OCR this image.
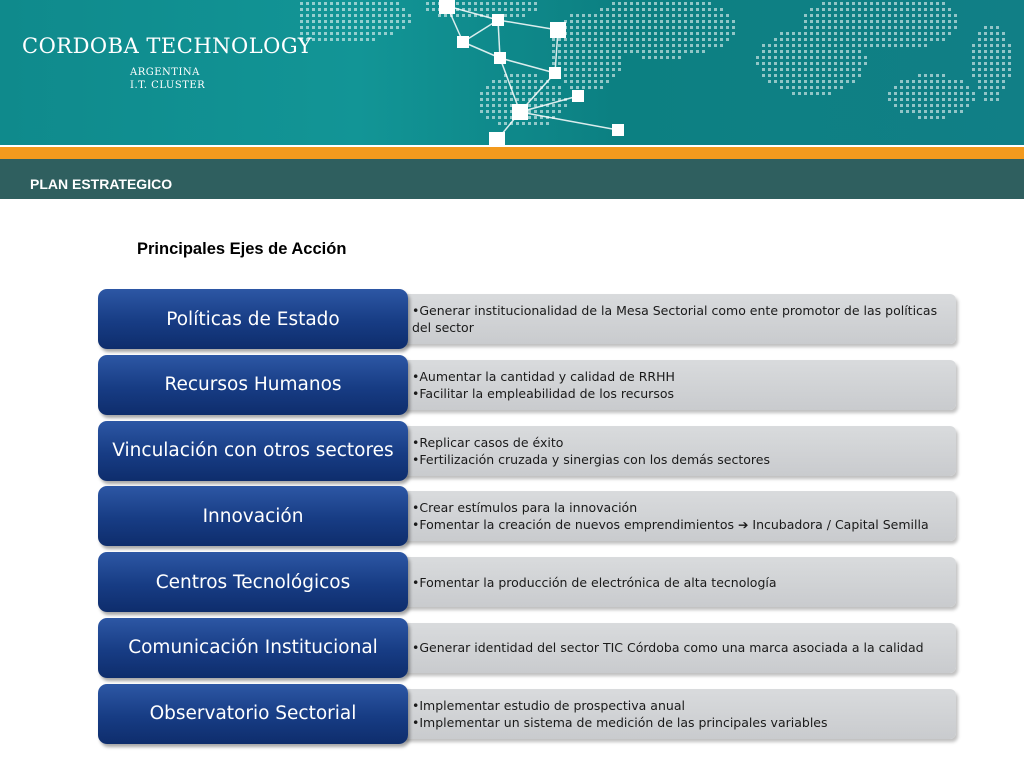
CORDOBA TECHNOLOGY
ARGENTINA
I.T. CLUSTER
PLAN ESTRATEGICO
Principales Ejes de Acción
Políticas de Estado	•Generar institucionalidad de la Mesa Sectorial como ente promotor de las políticas del sector
Recursos Humanos	•Aumentar la cantidad y calidad de RRHH
•Facilitar la empleabilidad de los recursos
Vinculación con otros sectores	•Replicar casos de éxito
•Fertilización cruzada y sinergias con los demás sectores
Innovación	•Crear estímulos para la innovación
•Fomentar la creación de nuevos emprendimientos ➔ Incubadora / Capital Semilla
Centros Tecnológicos	•Fomentar la producción de electrónica de alta tecnología
Comunicación Institucional	•Generar identidad del sector TIC Córdoba como una marca asociada a la calidad
Observatorio Sectorial	•Implementar estudio de prospectiva anual
•Implementar un sistema de medición de las principales variables
